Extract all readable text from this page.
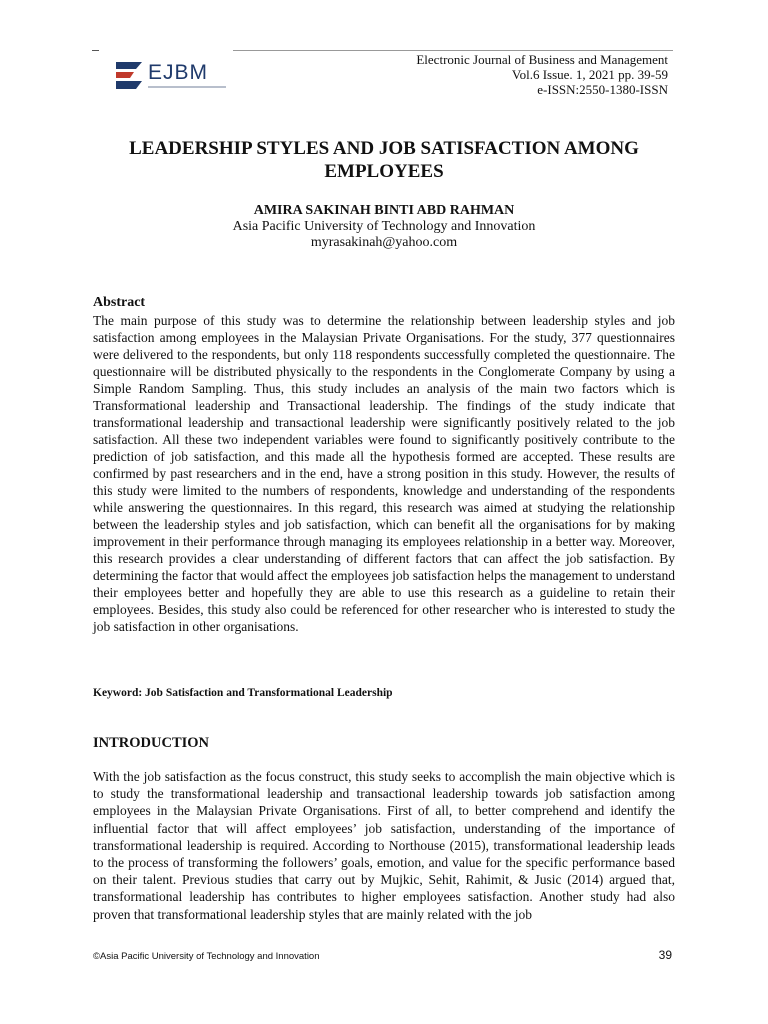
EJBM
Electronic Journal of Business and Management
Vol.6 Issue. 1, 2021 pp. 39-59
e-ISSN:2550-1380-ISSN
LEADERSHIP STYLES AND JOB SATISFACTION AMONG EMPLOYEES
AMIRA SAKINAH BINTI ABD RAHMAN
Asia Pacific University of Technology and Innovation
myrasakinah@yahoo.com
Abstract

The main purpose of this study was to determine the relationship between leadership styles and job satisfaction among employees in the Malaysian Private Organisations. For the study, 377 questionnaires were delivered to the respondents, but only 118 respondents successfully completed the questionnaire. The questionnaire will be distributed physically to the respondents in the Conglomerate Company by using a Simple Random Sampling. Thus, this study includes an analysis of the main two factors which is Transformational leadership and Transactional leadership. The findings of the study indicate that transformational leadership and transactional leadership were significantly positively related to the job satisfaction. All these two independent variables were found to significantly positively contribute to the prediction of job satisfaction, and this made all the hypothesis formed are accepted. These results are confirmed by past researchers and in the end, have a strong position in this study. However, the results of this study were limited to the numbers of respondents, knowledge and understanding of the respondents while answering the questionnaires. In this regard, this research was aimed at studying the relationship between the leadership styles and job satisfaction, which can benefit all the organisations for by making improvement in their performance through managing its employees relationship in a better way. Moreover, this research provides a clear understanding of different factors that can affect the job satisfaction. By determining the factor that would affect the employees job satisfaction helps the management to understand their employees better and hopefully they are able to use this research as a guideline to retain their employees. Besides, this study also could be referenced for other researcher who is interested to study the job satisfaction in other organisations.

Keyword: Job Satisfaction and Transformational Leadership

INTRODUCTION

With the job satisfaction as the focus construct, this study seeks to accomplish the main objective which is to study the transformational leadership and transactional leadership towards job satisfaction among employees in the Malaysian Private Organisations. First of all, to better comprehend and identify the influential factor that will affect employees’ job satisfaction, understanding of the importance of transformational leadership is required. According to Northouse (2015), transformational leadership leads to the process of transforming the followers’ goals, emotion, and value for the specific performance based on their talent. Previous studies that carry out by Mujkic, Sehit, Rahimit, & Jusic (2014) argued that, transformational leadership has contributes to higher employees satisfaction. Another study had also proven that transformational leadership styles that are mainly related with the job

©Asia Pacific University of Technology and Innovation	39
